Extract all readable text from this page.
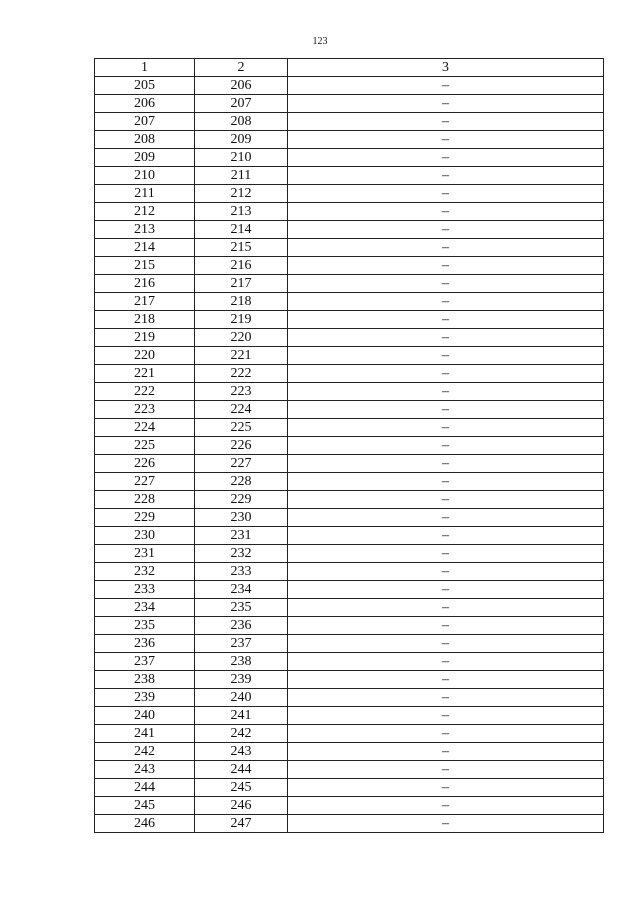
123
1	2	3
205	206	–
206	207	–
207	208	–
208	209	–
209	210	–
210	211	–
211	212	–
212	213	–
213	214	–
214	215	–
215	216	–
216	217	–
217	218	–
218	219	–
219	220	–
220	221	–
221	222	–
222	223	–
223	224	–
224	225	–
225	226	–
226	227	–
227	228	–
228	229	–
229	230	–
230	231	–
231	232	–
232	233	–
233	234	–
234	235	–
235	236	–
236	237	–
237	238	–
238	239	–
239	240	–
240	241	–
241	242	–
242	243	–
243	244	–
244	245	–
245	246	–
246	247	–
